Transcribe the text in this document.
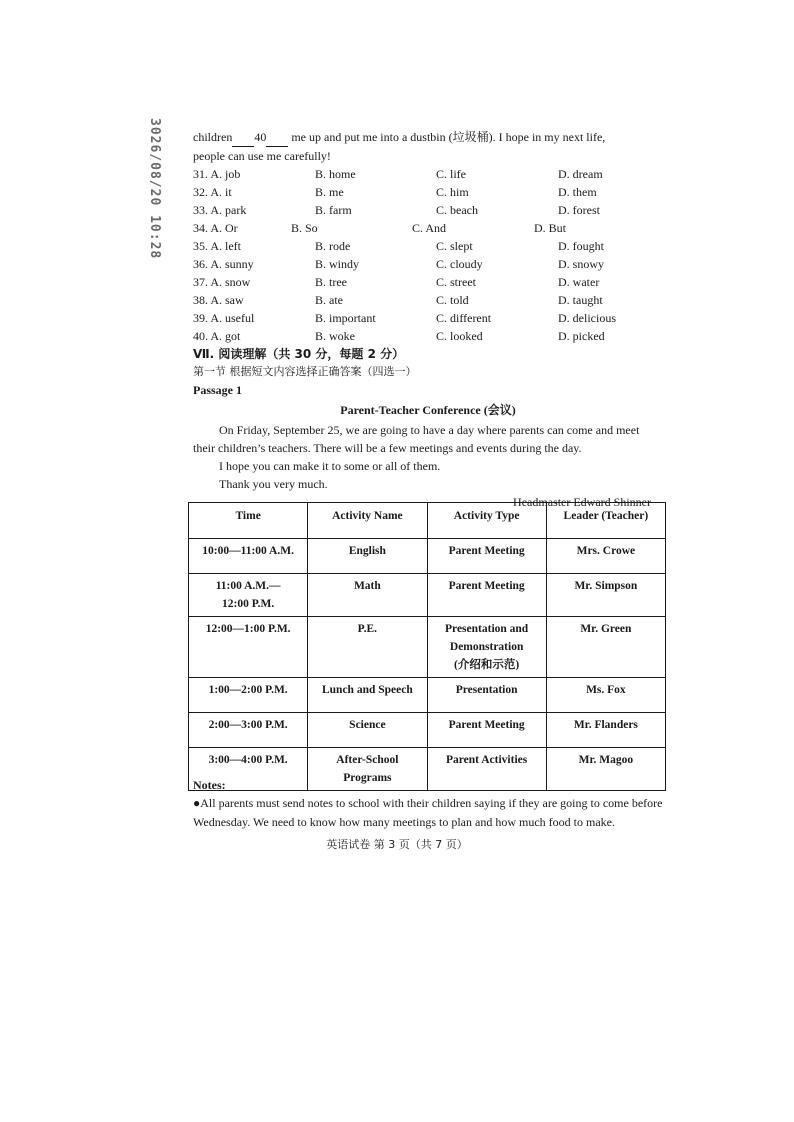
3026/08/20 10:28	children 40  me up and put me into a dustbin (垃圾桶). I hope in my next life,
people can use me carefully!
31. A. job	B. home	C. life	D. dream
32. A. it	B. me	C. him	D. them
33. A. park	B. farm	C. beach	D. forest
34. A. Or	B. So	C. And	D. But
35. A. left	B. rode	C. slept	D. fought
36. A. sunny	B. windy	C. cloudy	D. snowy
37. A. snow	B. tree	C. street	D. water
38. A. saw	B. ate	C. told	D. taught
39. A. useful	B. important	C. different	D. delicious
40. A. got	B. woke	C. looked	D. picked
Ⅶ. 阅读理解（共 30 分，每题 2 分）
第一节 根据短文内容选择正确答案（四选一）
Passage 1
Parent-Teacher Conference (会议)
On Friday, September 25, we are going to have a day where parents can come and meet their children’s teachers. There will be a few meetings and events during the day.
I hope you can make it to some or all of them.
Thank you very much.
Headmaster Edward Shinner
Time	Activity Name	Activity Type	Leader (Teacher)
10:00—11:00 A.M.	English	Parent Meeting	Mrs. Crowe
11:00 A.M.—
12:00 P.M.	Math	Parent Meeting	Mr. Simpson
12:00—1:00 P.M.	P.E.	Presentation and
Demonstration
(介绍和示范)	Mr. Green
1:00—2:00 P.M.	Lunch and Speech	Presentation	Ms. Fox
2:00—3:00 P.M.	Science	Parent Meeting	Mr. Flanders
3:00—4:00 P.M.	After-School
Programs	Parent Activities	Mr. Magoo
Notes:
●All parents must send notes to school with their children saying if they are going to come before Wednesday. We need to know how many meetings to plan and how much food to make.
英语试卷 第 3 页（共 7 页）
